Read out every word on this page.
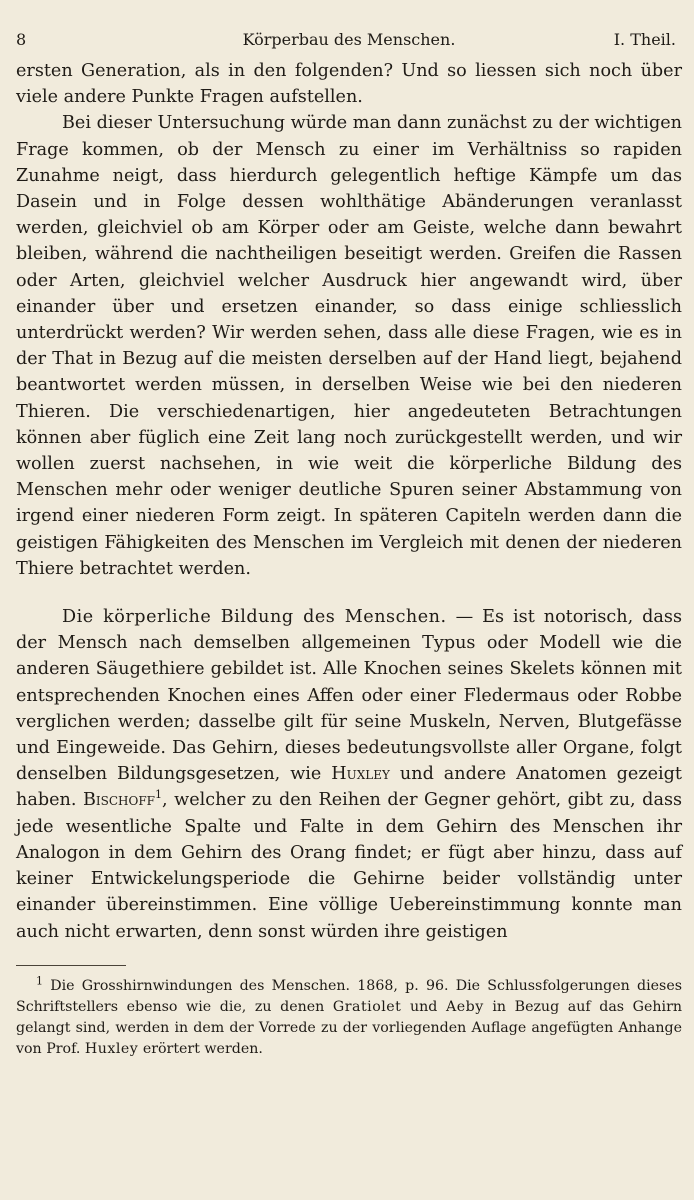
8	Körperbau des Menschen.	I. Theil.

ersten Generation, als in den folgenden? Und so liessen sich noch über viele andere Punkte Fragen aufstellen.

Bei dieser Untersuchung würde man dann zunächst zu der wichtigen Frage kommen, ob der Mensch zu einer im Verhältniss so rapiden Zunahme neigt, dass hierdurch gelegentlich heftige Kämpfe um das Dasein und in Folge dessen wohlthätige Abänderungen veranlasst werden, gleichviel ob am Körper oder am Geiste, welche dann bewahrt bleiben, während die nachtheiligen beseitigt werden. Greifen die Rassen oder Arten, gleichviel welcher Ausdruck hier angewandt wird, über einander über und ersetzen einander, so dass einige schliesslich unterdrückt werden? Wir werden sehen, dass alle diese Fragen, wie es in der That in Bezug auf die meisten derselben auf der Hand liegt, bejahend beantwortet werden müssen, in derselben Weise wie bei den niederen Thieren. Die verschiedenartigen, hier angedeuteten Betrachtungen können aber füglich eine Zeit lang noch zurückgestellt werden, und wir wollen zuerst nachsehen, in wie weit die körperliche Bildung des Menschen mehr oder weniger deutliche Spuren seiner Abstammung von irgend einer niederen Form zeigt. In späteren Capiteln werden dann die geistigen Fähigkeiten des Menschen im Vergleich mit denen der niederen Thiere betrachtet werden.

Die körperliche Bildung des Menschen. — Es ist notorisch, dass der Mensch nach demselben allgemeinen Typus oder Modell wie die anderen Säugethiere gebildet ist. Alle Knochen seines Skelets können mit entsprechenden Knochen eines Affen oder einer Fledermaus oder Robbe verglichen werden; dasselbe gilt für seine Muskeln, Nerven, Blutgefässe und Eingeweide. Das Gehirn, dieses bedeutungsvollste aller Organe, folgt denselben Bildungsgesetzen, wie Huxley und andere Anatomen gezeigt haben. Bischoff$^1$, welcher zu den Reihen der Gegner gehört, gibt zu, dass jede wesentliche Spalte und Falte in dem Gehirn des Menschen ihr Analogon in dem Gehirn des Orang findet; er fügt aber hinzu, dass auf keiner Entwickelungsperiode die Gehirne beider vollständig unter einander übereinstimmen. Eine völlige Uebereinstimmung konnte man auch nicht erwarten, denn sonst würden ihre geistigen

$^1$ Die Grosshirnwindungen des Menschen. 1868, p. 96. Die Schlussfolgerungen dieses Schriftstellers ebenso wie die, zu denen Gratiolet und Aeby in Bezug auf das Gehirn gelangt sind, werden in dem der Vorrede zu der vorliegenden Auflage angefügten Anhange von Prof. Huxley erörtert werden.
